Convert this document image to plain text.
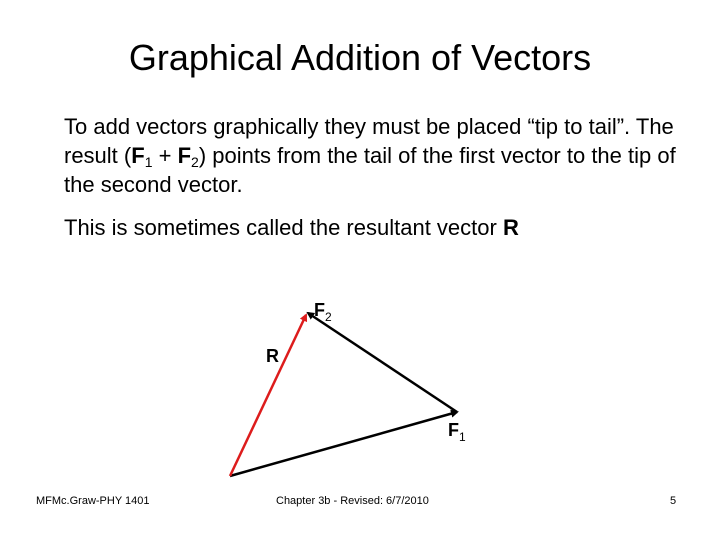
Graphical Addition of Vectors
To add vectors graphically they must be placed “tip to tail”. The result $(F_1 + F_2)$ points from the tail of the first vector to the tip of the second vector.
This is sometimes called the resultant vector R
$F_2$
R
$F_1$
MFMc.Graw-PHY 1401	Chapter 3b - Revised: 6/7/2010	5
